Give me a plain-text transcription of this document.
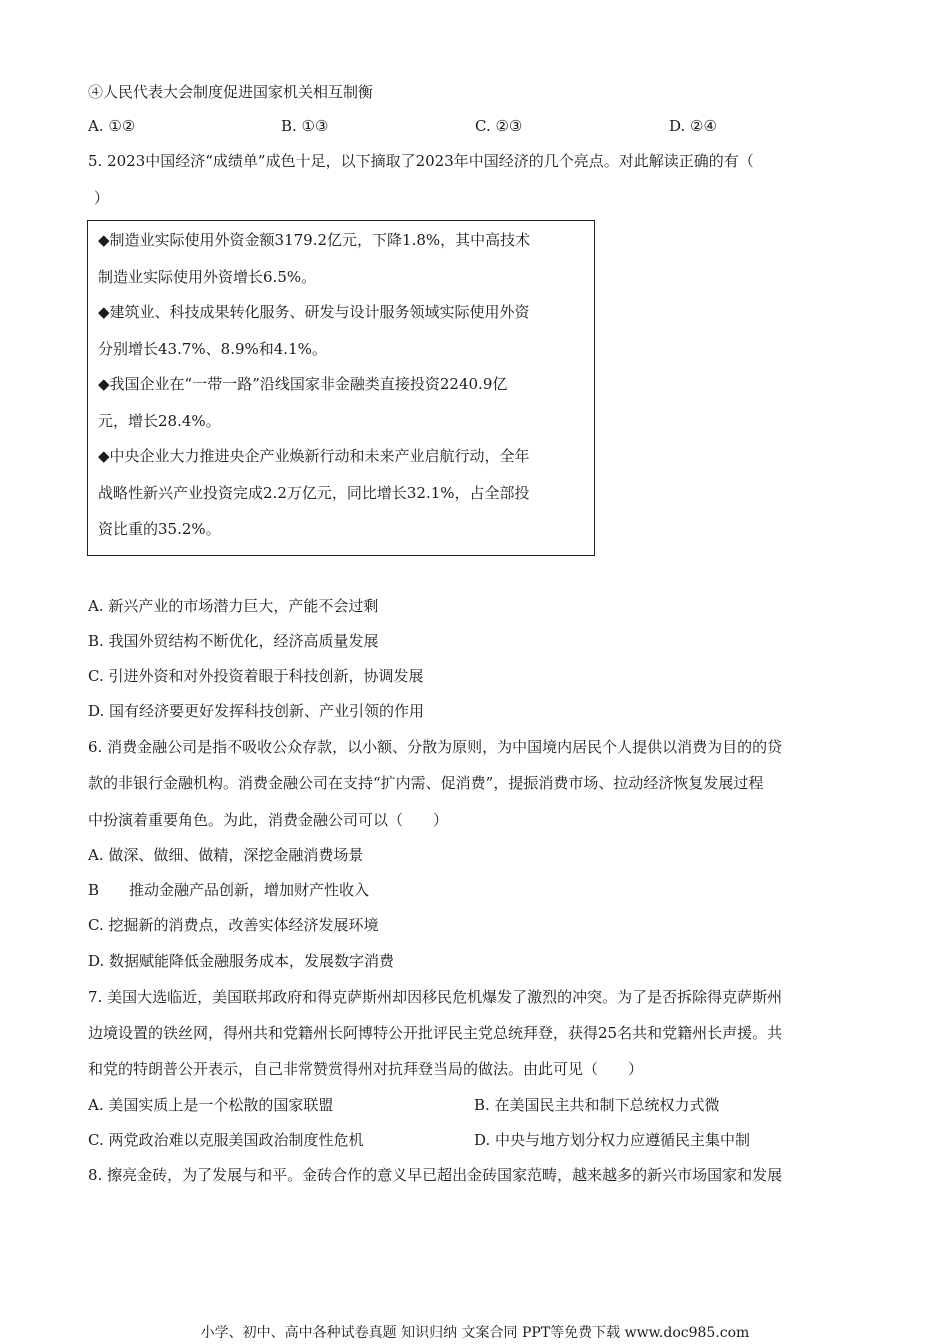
④人民代表大会制度促进国家机关相互制衡
A. ①②	B. ①③	C. ②③	D. ②④
5. 2023中国经济“成绩单”成色十足，以下摘取了2023年中国经济的几个亮点。对此解读正确的有（
）
◆制造业实际使用外资金额3179.2亿元，下降1.8%，其中高技术
制造业实际使用外资增长6.5%。
◆建筑业、科技成果转化服务、研发与设计服务领域实际使用外资
分别增长43.7%、8.9%和4.1%。
◆我国企业在“一带一路”沿线国家非金融类直接投资2240.9亿
元，增长28.4%。
◆中央企业大力推进央企产业焕新行动和未来产业启航行动，全年
战略性新兴产业投资完成2.2万亿元，同比增长32.1%，占全部投
资比重的35.2%。
A. 新兴产业的市场潜力巨大，产能不会过剩
B. 我国外贸结构不断优化，经济高质量发展
C. 引进外资和对外投资着眼于科技创新，协调发展
D. 国有经济要更好发挥科技创新、产业引领的作用
6. 消费金融公司是指不吸收公众存款，以小额、分散为原则，为中国境内居民个人提供以消费为目的的贷
款的非银行金融机构。消费金融公司在支持“扩内需、促消费”，提振消费市场、拉动经济恢复发展过程
中扮演着重要角色。为此，消费金融公司可以（　　）
A. 做深、做细、做精，深挖金融消费场景
B　　推动金融产品创新，增加财产性收入
C. 挖掘新的消费点，改善实体经济发展环境
D. 数据赋能降低金融服务成本，发展数字消费
7. 美国大选临近，美国联邦政府和得克萨斯州却因移民危机爆发了激烈的冲突。为了是否拆除得克萨斯州
边境设置的铁丝网，得州共和党籍州长阿博特公开批评民主党总统拜登，获得25名共和党籍州长声援。共
和党的特朗普公开表示，自己非常赞赏得州对抗拜登当局的做法。由此可见（　　）
A. 美国实质上是一个松散的国家联盟	B. 在美国民主共和制下总统权力式微
C. 两党政治难以克服美国政治制度性危机	D. 中央与地方划分权力应遵循民主集中制
8. 擦亮金砖，为了发展与和平。金砖合作的意义早已超出金砖国家范畴，越来越多的新兴市场国家和发展
小学、初中、高中各种试卷真题 知识归纳 文案合同 PPT等免费下载 www.doc985.com
